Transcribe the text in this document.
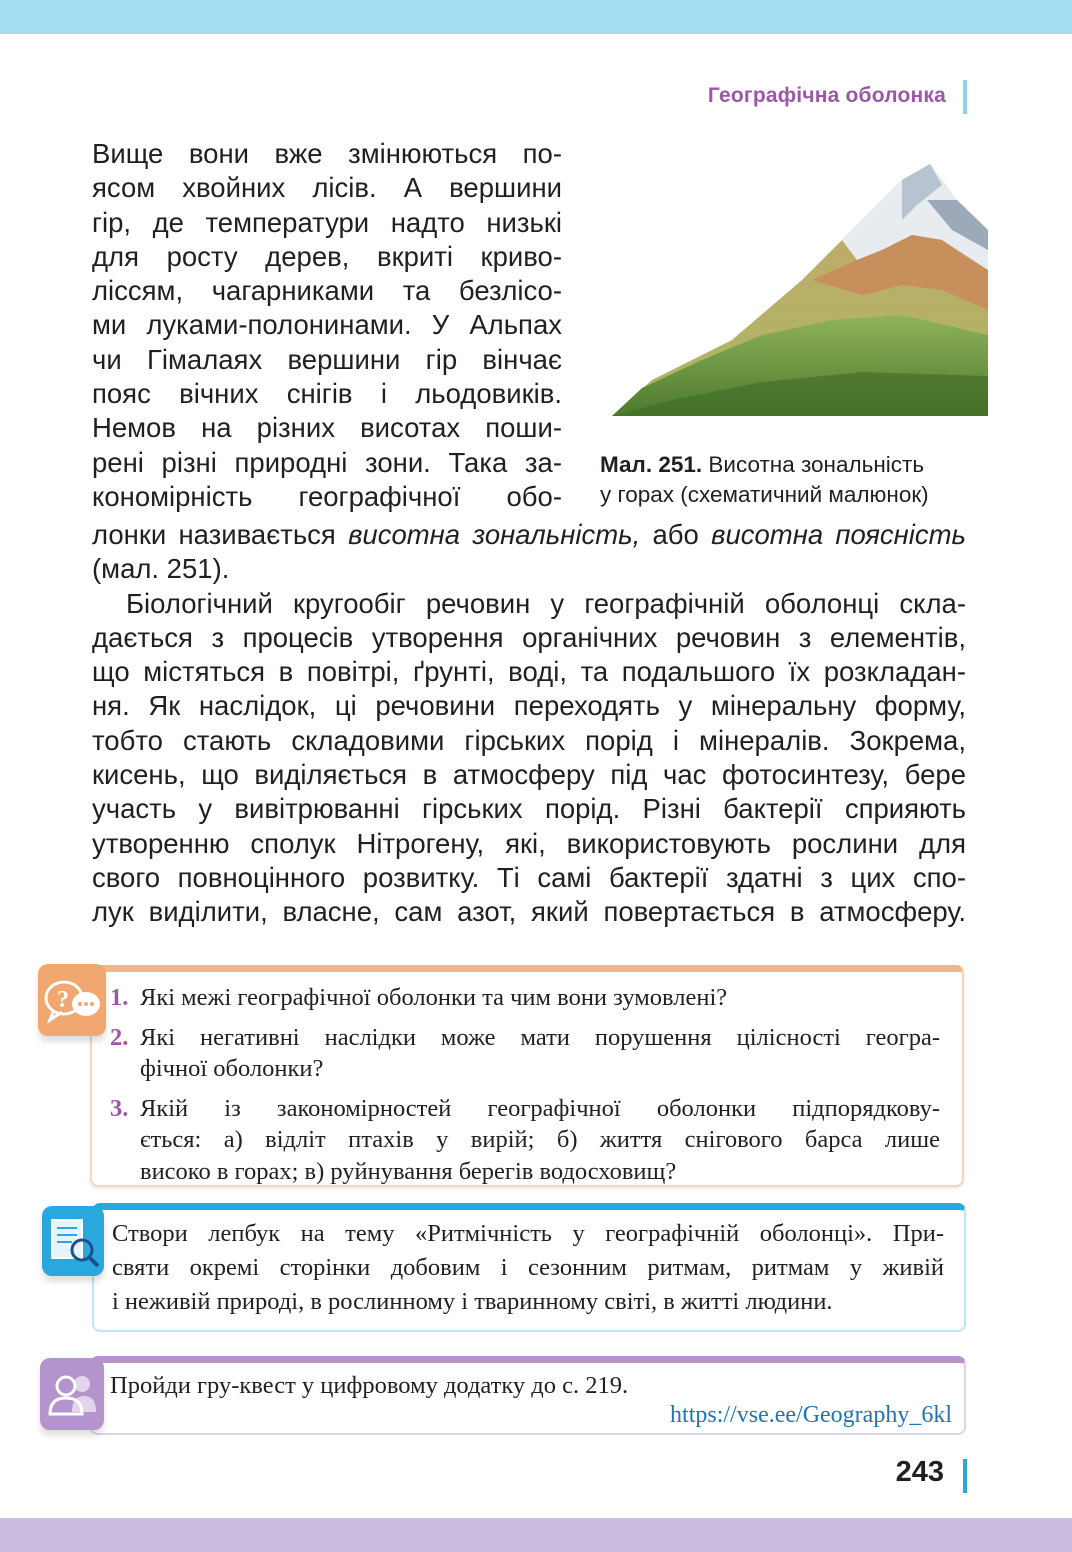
Географічна оболонка
Вище вони вже змінюються по-
ясом хвойних лісів. А вершини
гір, де температури надто низькі
для росту дерев, вкриті криво-
ліссям, чагарниками та безлісо-
ми луками-полонинами. У Альпах
чи Гімалаях вершини гір вінчає
пояс вічних снігів і льодовиків.
Немов на різних висотах поши-
рені різні природні зони. Така за-
кономірність географічної обо-
Мал. 251. Висотна зональність
у горах (схематичний малюнок)
лонки називається висотна зональність, або висотна поясність
(мал. 251).
Біологічний кругообіг речовин у географічній оболонці скла-
дається з процесів утворення органічних речовин з елементів,
що містяться в повітрі, ґрунті, воді, та подальшого їх розкладан-
ня. Як наслідок, ці речовини переходять у мінеральну форму,
тобто стають складовими гірських порід і мінералів. Зокрема,
кисень, що виділяється в атмосферу під час фотосинтезу, бере
участь у вивітрюванні гірських порід. Різні бактерії сприяють
утворенню сполук Нітрогену, які, використовують рослини для
свого повноцінного розвитку. Ті самі бактерії здатні з цих спо-
лук виділити, власне, сам азот, який повертається в атмосферу.
? 1. Які межі географічної оболонки та чим вони зумовлені?
2. Які негативні наслідки може мати порушення цілісності геогра-
фічної оболонки?
3. Якій із закономірностей географічної оболонки підпорядкову-
ється: а) відліт птахів у вирій; б) життя снігового барса лише
високо в горах; в) руйнування берегів водосховищ?
Створи лепбук на тему «Ритмічність у географічній оболонці». При-
святи окремі сторінки добовим і сезонним ритмам, ритмам у живій
і неживій природі, в рослинному і тваринному світі, в житті людини.
Пройди гру-квест у цифровому додатку до с. 219.
https://vse.ee/Geography_6kl
243
